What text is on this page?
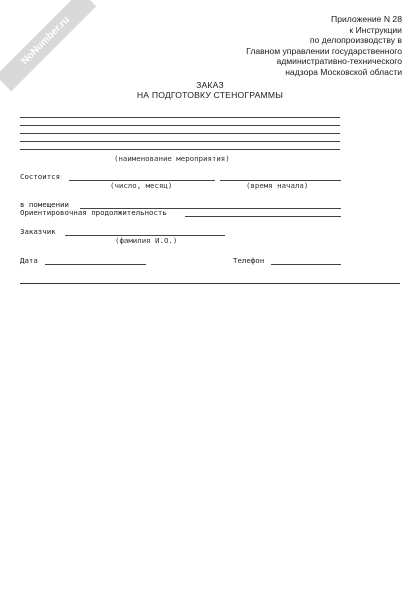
NoNumber.ru	Приложение N 28
к Инструкции
по делопроизводству в
Главном управлении государственного
административно-технического
надзора Московской области
ЗАКАЗ
НА ПОДГОТОВКУ СТЕНОГРАММЫ
(наименование мероприятия)
Состоится
(число, месяц)	(время начала)
в помещении
Ориентировочная продолжительность
Заказчик
(фамилия И.О.)
Дата	Телефон
